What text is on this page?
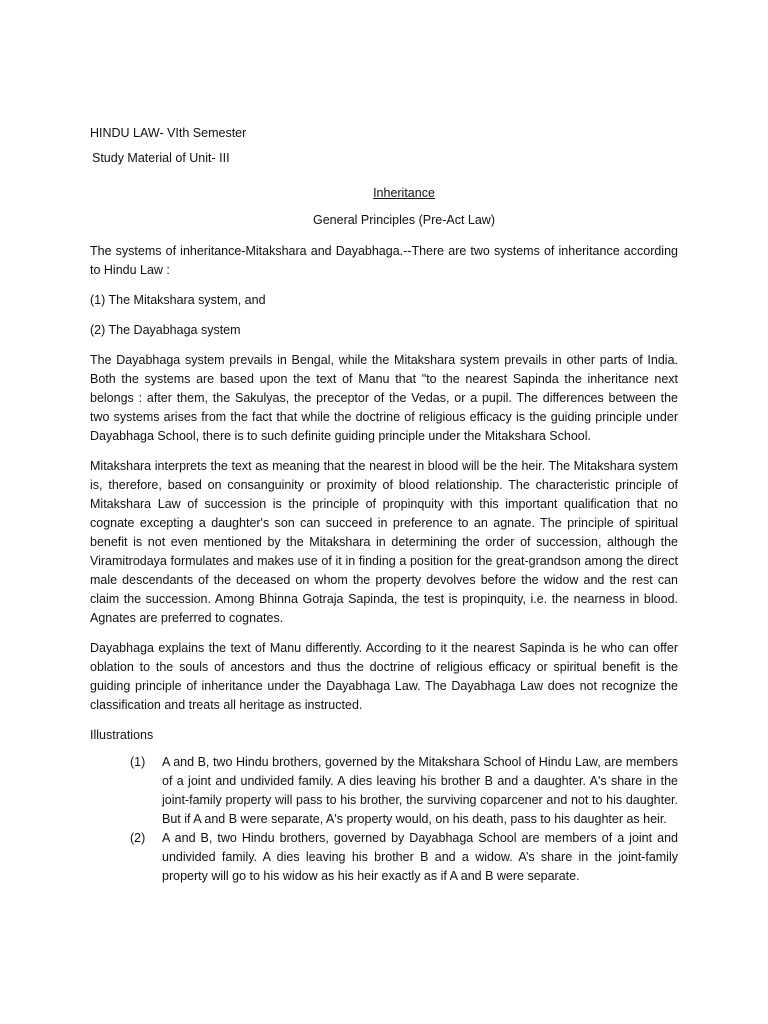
HINDU LAW- VIth Semester

Study Material of Unit- III

Inheritance

General Principles (Pre-Act Law)

The systems of inheritance-Mitakshara and Dayabhaga.--There are two systems of inheritance according to Hindu Law :

(1) The Mitakshara system, and

(2) The Dayabhaga system

The Dayabhaga system prevails in Bengal, while the Mitakshara system prevails in other parts of India. Both the systems are based upon the text of Manu that "to the nearest Sapinda the inheritance next belongs : after them, the Sakulyas, the preceptor of the Vedas, or a pupil. The differences between the two systems arises from the fact that while the doctrine of religious efficacy is the guiding principle under Dayabhaga School, there is to such definite guiding principle under the Mitakshara School.

Mitakshara interprets the text as meaning that the nearest in blood will be the heir. The Mitakshara system is, therefore, based on consanguinity or proximity of blood relationship. The characteristic principle of Mitakshara Law of succession is the principle of propinquity with this important qualification that no cognate excepting a daughter's son can succeed in preference to an agnate. The principle of spiritual benefit is not even mentioned by the Mitakshara in determining the order of succession, although the Viramitrodaya formulates and makes use of it in finding a position for the great-grandson among the direct male descendants of the deceased on whom the property devolves before the widow and the rest can claim the succession. Among Bhinna Gotraja Sapinda, the test is propinquity, i.e. the nearness in blood. Agnates are preferred to cognates.

Dayabhaga explains the text of Manu differently. According to it the nearest Sapinda is he who can offer oblation to the souls of ancestors and thus the doctrine of religious efficacy or spiritual benefit is the guiding principle of inheritance under the Dayabhaga Law. The Dayabhaga Law does not recognize the classification and treats all heritage as instructed.

Illustrations

(1) A and B, two Hindu brothers, governed by the Mitakshara School of Hindu Law, are members of a joint and undivided family. A dies leaving his brother B and a daughter. A's share in the joint-family property will pass to his brother, the surviving coparcener and not to his daughter. But if A and B were separate, A's property would, on his death, pass to his daughter as heir.
(2) A and B, two Hindu brothers, governed by Dayabhaga School are members of a joint and undivided family. A dies leaving his brother B and a widow. A’s share in the joint-family property will go to his widow as his heir exactly as if A and B were separate.
